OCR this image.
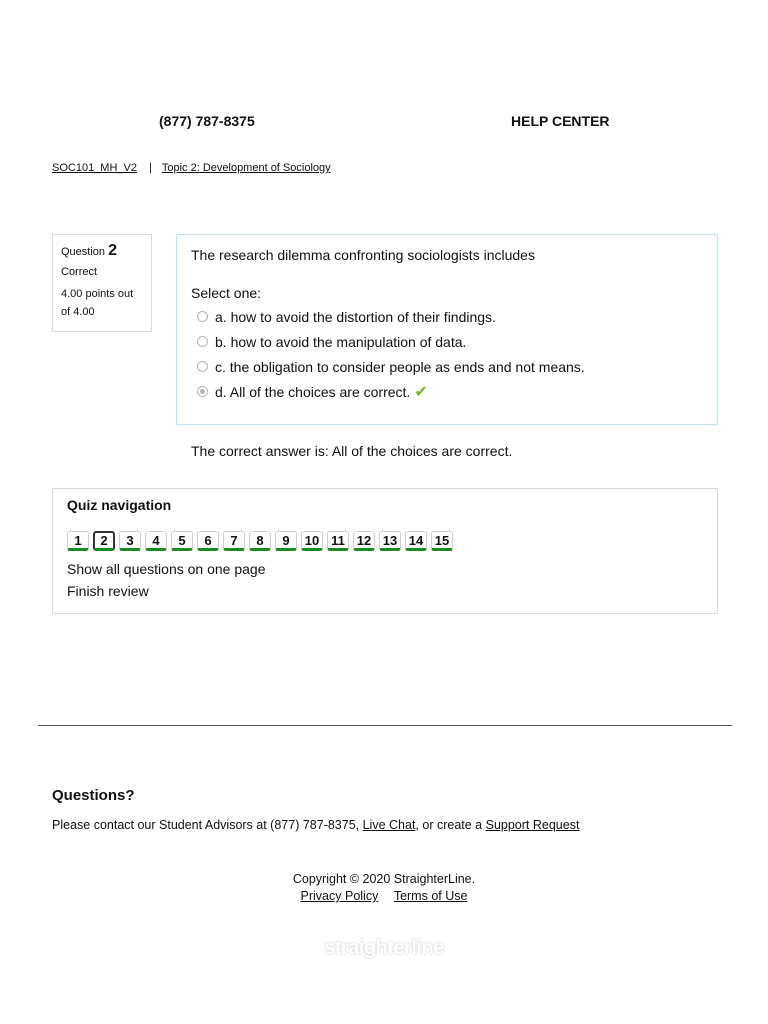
(877) 787-8375	HELP CENTER
SOC101_MH_V2 | Topic 2: Development of Sociology
Question 2
Correct
4.00 points out of 4.00

The research dilemma confronting sociologists includes

Select one:
a. how to avoid the distortion of their findings.
b. how to avoid the manipulation of data.
c. the obligation to consider people as ends and not means.
d. All of the choices are correct. ✔
The correct answer is: All of the choices are correct.
Quiz navigation
1	2	3	4	5	6	7	8	9	10 11 12 13 14 15
Show all questions on one page
Finish review
Questions?
Please contact our Student Advisors at (877) 787-8375, Live Chat, or create a Support Request
Copyright © 2020 StraighterLine.
Privacy Policy Terms of Use
straighterline
